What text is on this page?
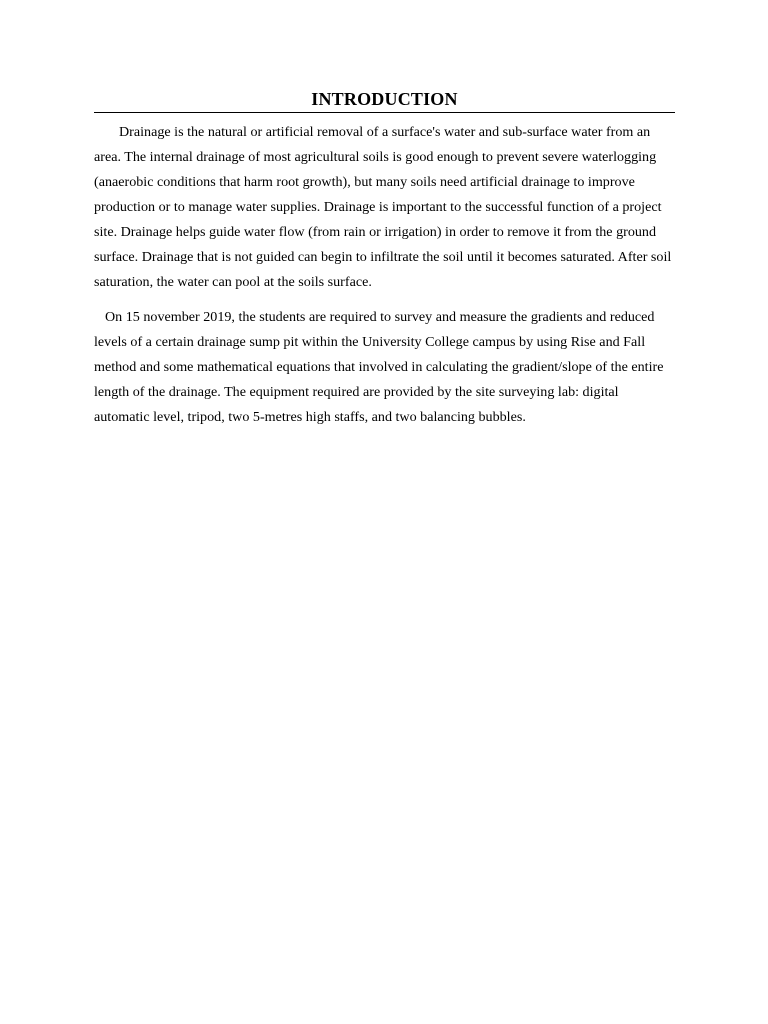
INTRODUCTION

Drainage is the natural or artificial removal of a surface's water and sub-surface water from an area. The internal drainage of most agricultural soils is good enough to prevent severe waterlogging (anaerobic conditions that harm root growth), but many soils need artificial drainage to improve production or to manage water supplies. Drainage is important to the successful function of a project site. Drainage helps guide water flow (from rain or irrigation) in order to remove it from the ground surface. Drainage that is not guided can begin to infiltrate the soil until it becomes saturated. After soil saturation, the water can pool at the soils surface.

On 15 november 2019, the students are required to survey and measure the gradients and reduced levels of a certain drainage sump pit within the University College campus by using Rise and Fall method and some mathematical equations that involved in calculating the gradient/slope of the entire length of the drainage. The equipment required are provided by the site surveying lab: digital automatic level, tripod, two 5-metres high staffs, and two balancing bubbles.
